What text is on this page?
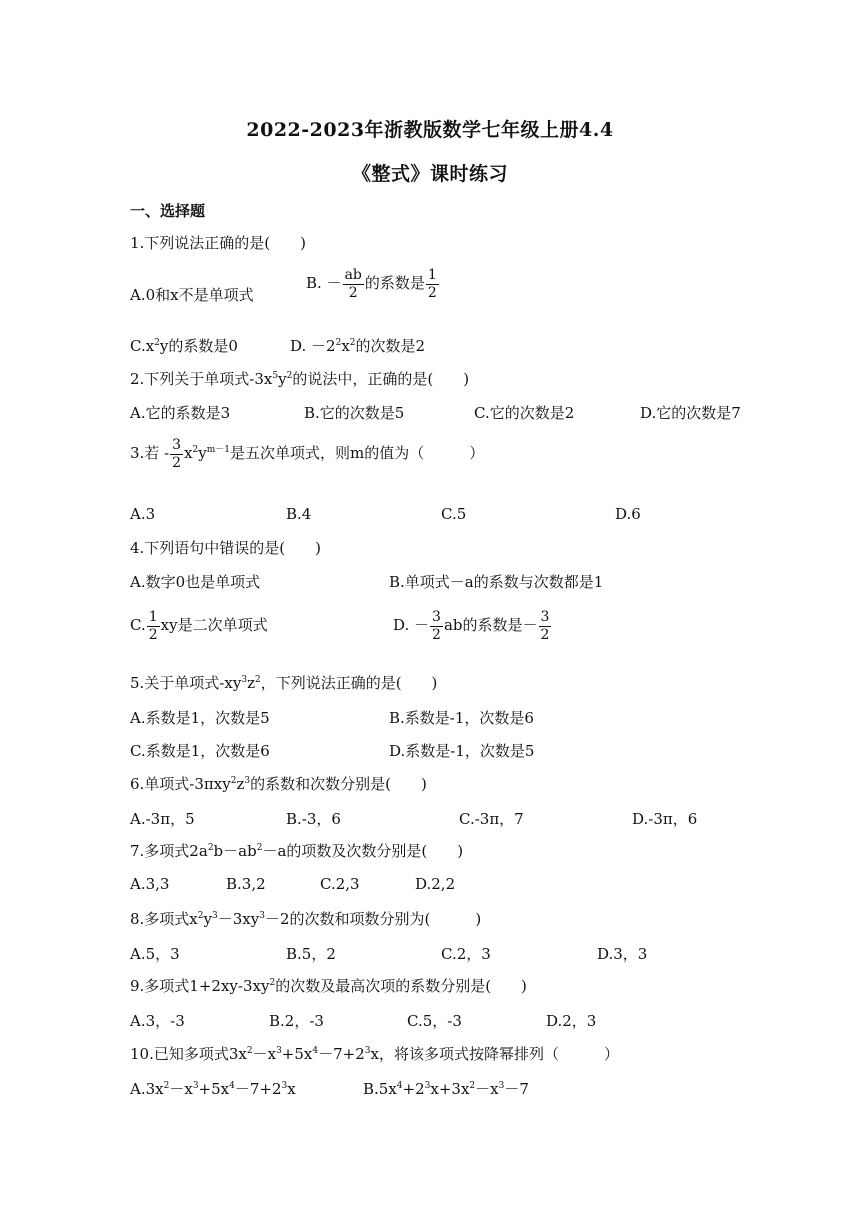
2022-2023年浙教版数学七年级上册4.4
《整式》课时练习
一、选择题
1.下列说法正确的是(　　)
A.0和x不是单项式
B. － $\frac{ab}{2}$ 的系数是 $\frac{1}{2}$
$C.x^2y$的系数是0	D. $-2^2x^2$的次数是2
2.下列关于单项式$-3x^5y^2$的说法中，正确的是(　　)
A.它的系数是3	B.它的次数是5	C.它的次数是2	D.它的次数是7
3.若 - $\frac{3}{2} x^2y^{m-1}$是五次单项式，则m的值为（　　　）
A.3	B.4	C.5	D.6
4.下列语句中错误的是(　　)
A.数字0也是单项式	B.单项式－a的系数与次数都是1
C. $\frac{1}{2}$ xy是二次单项式	D. － $\frac{3}{2}$ ab的系数是－ $\frac{3}{2}$
5.关于单项式$-xy^3z^2$，下列说法正确的是(　　)
A.系数是1，次数是5	B.系数是-1，次数是6
C.系数是1，次数是6	D.系数是-1，次数是5
6.单项式$-3\pi xy^2z^3$的系数和次数分别是(　　)
A.-3π，5	B.-3，6	C.-3π，7	D.-3π，6
7.多项式$2a^2b-ab^2-a$的项数及次数分别是(　　)
A.3,3	B.3,2	C.2,3	D.2,2
8.多项式$x^2y^3-3xy^3-2$的次数和项数分别为(　　　)
A.5，3	B.5，2	C.2，3	D.3，3
9.多项式$1+2xy-3xy^2$的次数及最高次项的系数分别是(　　)
A.3，-3	B.2，-3	C.5，-3	D.2，3
10.已知多项式$3x^2-x^3+5x^4-7+2^3x$，将该多项式按降幂排列（　　　）
$A.3x^2-x^3+5x^4-7+2^3x$	$B.5x^4+2^3x+3x^2-x^3-7$
